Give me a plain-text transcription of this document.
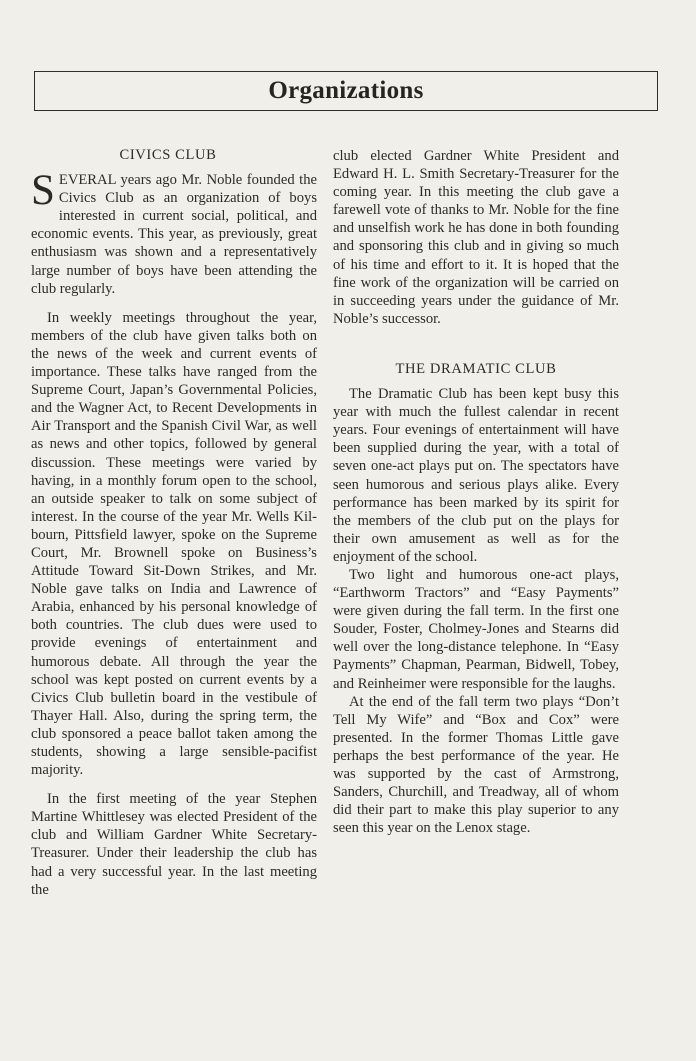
Organizations
CIVICS CLUB

SEVERAL years ago Mr. Noble founded the Civics Club as an organization of boys interested in current social, political, and economic events. This year, as previously, great enthusiasm was shown and a representatively large number of boys have been attending the club regularly.

In weekly meetings throughout the year, members of the club have given talks both on the news of the week and current events of importance. These talks have ranged from the Supreme Court, Japan’s Governmental Policies, and the Wagner Act, to Recent Developments in Air Transport and the Spanish Civil War, as well as news and other topics, followed by general discussion. These meetings were varied by having, in a monthly forum open to the school, an outside speaker to talk on some subject of interest. In the course of the year Mr. Wells Kilbourn, Pittsfield lawyer, spoke on the Supreme Court, Mr. Brownell spoke on Business’s Attitude Toward Sit-Down Strikes, and Mr. Noble gave talks on India and Lawrence of Arabia, enhanced by his personal knowledge of both countries. The club dues were used to provide evenings of entertainment and humorous debate. All through the year the school was kept posted on current events by a Civics Club bulletin board in the vestibule of Thayer Hall. Also, during the spring term, the club sponsored a peace ballot taken among the students, showing a large sensible-pacifist majority.

In the first meeting of the year Stephen Martine Whittlesey was elected President of the club and William Gardner White Secretary-Treasurer. Under their leadership the club has had a very successful year. In the last meeting the

club elected Gardner White President and Edward H. L. Smith Secretary-Treasurer for the coming year. In this meeting the club gave a farewell vote of thanks to Mr. Noble for the fine and unselfish work he has done in both founding and sponsoring this club and in giving so much of his time and effort to it. It is hoped that the fine work of the organization will be carried on in succeeding years under the guidance of Mr. Noble’s successor.

THE DRAMATIC CLUB

The Dramatic Club has been kept busy this year with much the fullest calendar in recent years. Four evenings of entertainment will have been supplied during the year, with a total of seven one-act plays put on. The spectators have seen humorous and serious plays alike. Every performance has been marked by its spirit for the members of the club put on the plays for their own amusement as well as for the enjoyment of the school.

Two light and humorous one-act plays, “Earthworm Tractors” and “Easy Payments” were given during the fall term. In the first one Souder, Foster, Cholmey-Jones and Stearns did well over the long-distance telephone. In “Easy Payments” Chapman, Pearman, Bidwell, Tobey, and Reinheimer were responsible for the laughs.

At the end of the fall term two plays “Don’t Tell My Wife” and “Box and Cox” were presented. In the former Thomas Little gave perhaps the best performance of the year. He was supported by the cast of Armstrong, Sanders, Churchill, and Treadway, all of whom did their part to make this play superior to any seen this year on the Lenox stage.
